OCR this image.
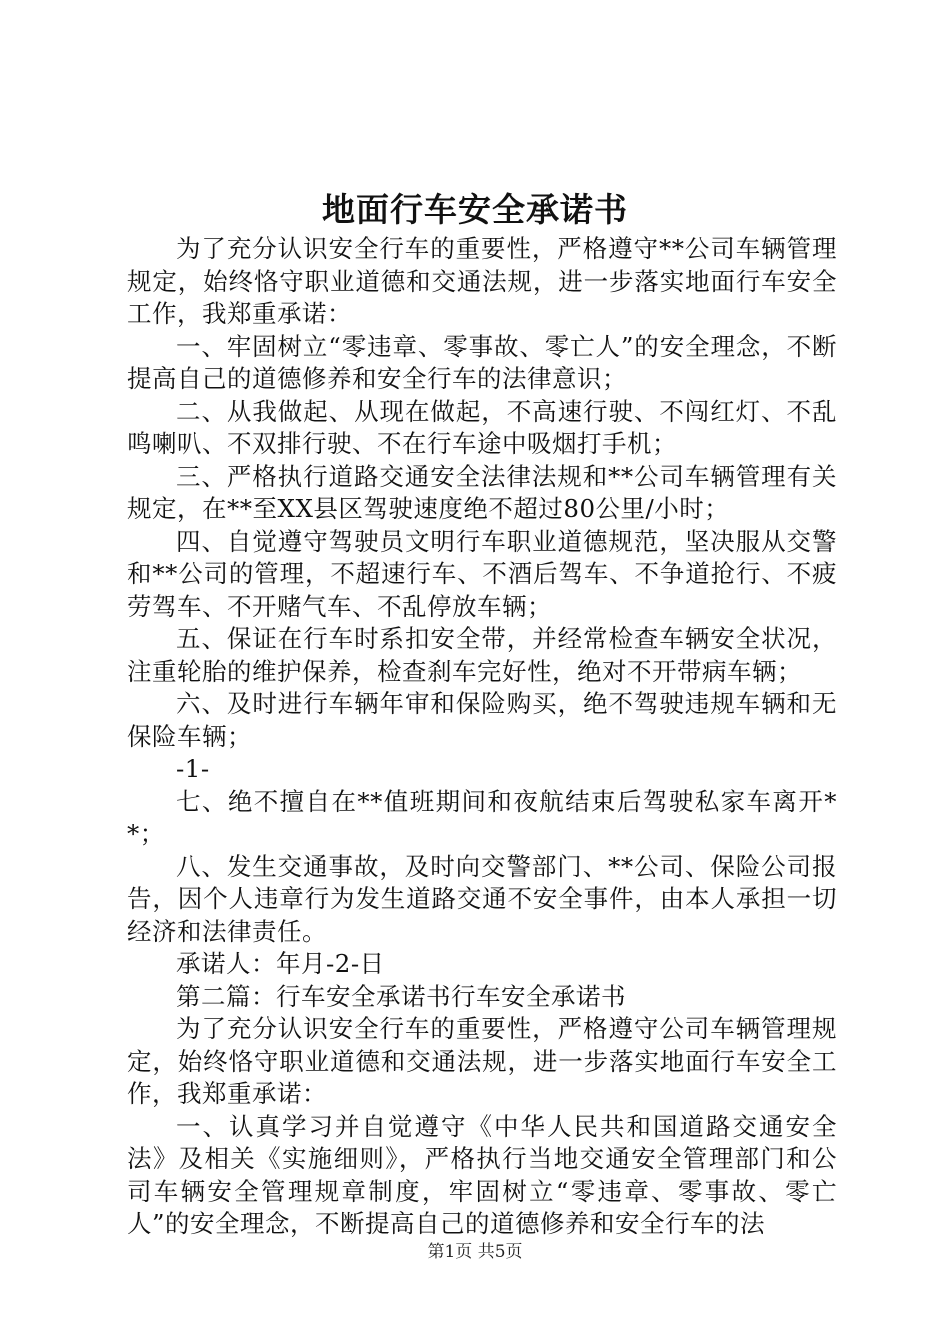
地面行车安全承诺书

为了充分认识安全行车的重要性，严格遵守**公司车辆管理规定，始终恪守职业道德和交通法规，进一步落实地面行车安全工作，我郑重承诺：

一、牢固树立“零违章、零事故、零亡人”的安全理念，不断提高自己的道德修养和安全行车的法律意识；

二、从我做起、从现在做起，不高速行驶、不闯红灯、不乱鸣喇叭、不双排行驶、不在行车途中吸烟打手机；

三、严格执行道路交通安全法律法规和**公司车辆管理有关规定，在**至XX县区驾驶速度绝不超过80公里/小时；

四、自觉遵守驾驶员文明行车职业道德规范，坚决服从交警和**公司的管理，不超速行车、不酒后驾车、不争道抢行、不疲劳驾车、不开赌气车、不乱停放车辆；

五、保证在行车时系扣安全带，并经常检查车辆安全状况，注重轮胎的维护保养，检查刹车完好性，绝对不开带病车辆；

六、及时进行车辆年审和保险购买，绝不驾驶违规车辆和无保险车辆；

-1-

七、绝不擅自在**值班期间和夜航结束后驾驶私家车离开**；

八、发生交通事故，及时向交警部门、**公司、保险公司报告，因个人违章行为发生道路交通不安全事件，由本人承担一切经济和法律责任。

承诺人：年月-2-日

第二篇：行车安全承诺书行车安全承诺书

为了充分认识安全行车的重要性，严格遵守公司车辆管理规定，始终恪守职业道德和交通法规，进一步落实地面行车安全工作，我郑重承诺：

一、认真学习并自觉遵守《中华人民共和国道路交通安全法》及相关《实施细则》，严格执行当地交通安全管理部门和公司车辆安全管理规章制度，牢固树立“零违章、零事故、零亡人”的安全理念，不断提高自己的道德修养和安全行车的法

第1页 共5页
